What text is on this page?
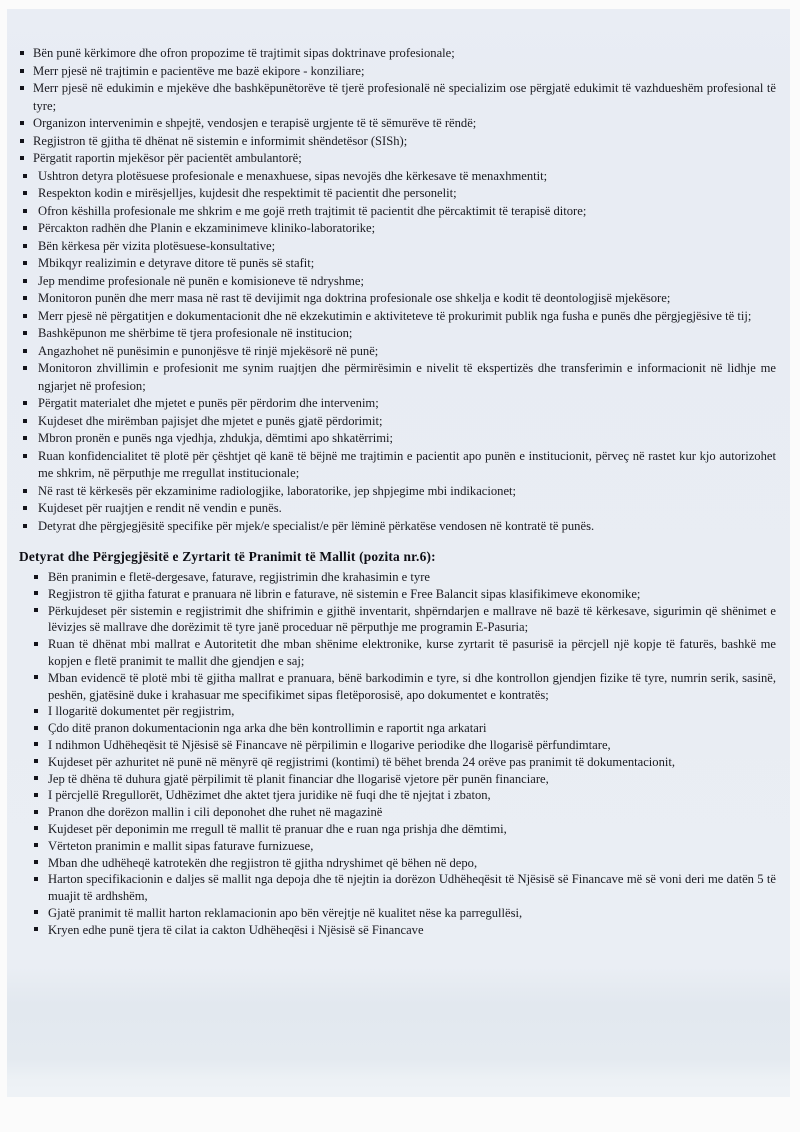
Bën punë kërkimore dhe ofron propozime të trajtimit sipas doktrinave profesionale;
Merr pjesë në trajtimin e pacientëve me bazë ekipore - konziliare;
Merr pjesë në edukimin e mjekëve dhe bashkëpunëtorëve të tjerë profesionalë në specializim ose përgjatë edukimit të vazhdueshëm profesional të tyre;
Organizon intervenimin e shpejtë, vendosjen e terapisë urgjente të të sëmurëve të rëndë;
Regjistron të gjitha të dhënat në sistemin e informimit shëndetësor (SISh);
Përgatit raportin mjekësor për pacientët ambulantorë;
Ushtron detyra plotësuese profesionale e menaxhuese, sipas nevojës dhe kërkesave të menaxhmentit;
Respekton kodin e mirësjelljes, kujdesit dhe respektimit të pacientit dhe personelit;
Ofron këshilla profesionale me shkrim e me gojë rreth trajtimit të pacientit dhe përcaktimit të terapisë ditore;
Përcakton radhën dhe Planin e ekzaminimeve kliniko-laboratorike;
Bën kërkesa për vizita plotësuese-konsultative;
Mbikqyr realizimin e detyrave ditore të punës së stafit;
Jep mendime profesionale në punën e komisioneve të ndryshme;
Monitoron punën dhe merr masa në rast të devijimit nga doktrina profesionale ose shkelja e kodit të deontologjisë mjekësore;
Merr pjesë në përgatitjen e dokumentacionit dhe në ekzekutimin e aktiviteteve të prokurimit publik nga fusha e punës dhe përgjegjësive të tij;
Bashkëpunon me shërbime të tjera profesionale në institucion;
Angazhohet në punësimin e punonjësve të rinjë mjekësorë në punë;
Monitoron zhvillimin e profesionit me synim ruajtjen dhe përmirësimin e nivelit të ekspertizës dhe transferimin e informacionit në lidhje me ngjarjet në profesion;
Përgatit materialet dhe mjetet e punës për përdorim dhe intervenim;
Kujdeset dhe mirëmban pajisjet dhe mjetet e punës gjatë përdorimit;
Mbron pronën e punës nga vjedhja, zhdukja, dëmtimi apo shkatërrimi;
Ruan konfidencialitet të plotë për çështjet që kanë të bëjnë me trajtimin e pacientit apo punën e institucionit, përveç në rastet kur kjo autorizohet me shkrim, në përputhje me rregullat institucionale;
Në rast të kërkesës për ekzaminime radiologjike, laboratorike, jep shpjegime mbi indikacionet;
Kujdeset për ruajtjen e rendit në vendin e punës.
Detyrat dhe përgjegjësitë specifike për mjek/e specialist/e për lëminë përkatëse vendosen në kontratë të punës.
Detyrat dhe Përgjegjësitë e Zyrtarit të Pranimit të Mallit (pozita nr.6):
Bën pranimin e fletë-dergesave, faturave, regjistrimin dhe krahasimin e tyre
Regjistron të gjitha faturat e pranuara në librin e faturave, në sistemin e Free Balancit sipas klasifikimeve ekonomike;
Përkujdeset për sistemin e regjistrimit dhe shifrimin e gjithë inventarit, shpërndarjen e mallrave në bazë të kërkesave, sigurimin që shënimet e lëvizjes së mallrave dhe dorëzimit të tyre janë proceduar në përputhje me programin E-Pasuria;
Ruan të dhënat mbi mallrat e Autoritetit dhe mban shënime elektronike, kurse zyrtarit të pasurisë ia përcjell një kopje të faturës, bashkë me kopjen e fletë pranimit te mallit dhe gjendjen e saj;
Mban evidencë të plotë mbi të gjitha mallrat e pranuara, bënë barkodimin e tyre, si dhe kontrollon gjendjen fizike të tyre, numrin serik, sasinë, peshën, gjatësinë duke i krahasuar me specifikimet sipas fletëporosisë, apo dokumentet e kontratës;
I llogaritë dokumentet për regjistrim,
Çdo ditë pranon dokumentacionin nga arka dhe bën kontrollimin e raportit nga arkatari
I ndihmon Udhëheqësit të Njësisë së Financave në përpilimin e llogarive periodike dhe llogarisë përfundimtare,
Kujdeset për azhuritet në punë në mënyrë që regjistrimi (kontimi) të bëhet brenda 24 orëve pas pranimit të dokumentacionit,
Jep të dhëna të duhura gjatë përpilimit të planit financiar dhe llogarisë vjetore për punën financiare,
I përcjellë Rregullorët, Udhëzimet dhe aktet tjera juridike në fuqi dhe të njejtat i zbaton,
Pranon dhe dorëzon mallin i cili deponohet dhe ruhet në magazinë
Kujdeset për deponimin me rregull të mallit të pranuar dhe e ruan nga prishja dhe dëmtimi,
Vërteton pranimin e mallit sipas faturave furnizuese,
Mban dhe udhëheqë katrotekën dhe regjistron të gjitha ndryshimet që bëhen në depo,
Harton specifikacionin e daljes së mallit nga depoja dhe të njejtin ia dorëzon Udhëheqësit të Njësisë së Financave më së voni deri me datën 5 të muajit të ardhshëm,
Gjatë pranimit të mallit harton reklamacionin apo bën vërejtje në kualitet nëse ka parregullësi,
Kryen edhe punë tjera të cilat ia cakton Udhëheqësi i Njësisë së Financave
